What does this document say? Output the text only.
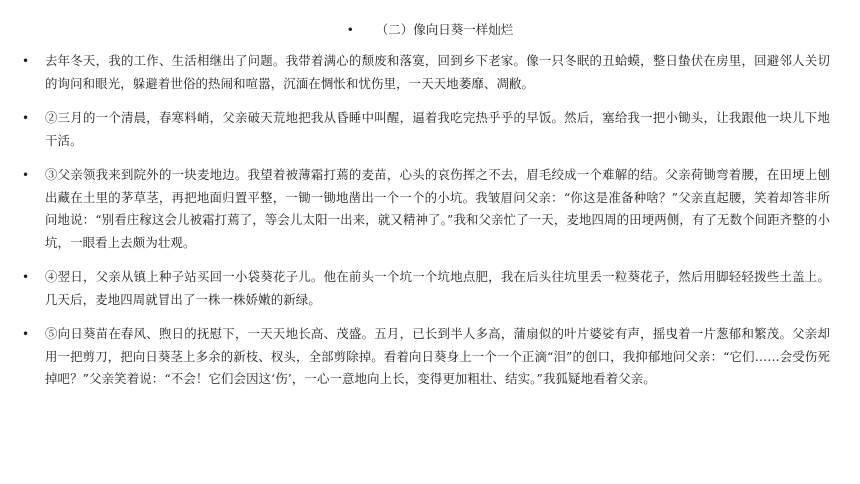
• （二）像向日葵一样灿烂
• 去年冬天，我的工作、生活相继出了问题。我带着满心的颓废和落寞，回到乡下老家。像一只冬眠的丑蛤蟆，整日蛰伏在房里，回避邻人关切的询问和眼光，躲避着世俗的热闹和喧嚣，沉湎在惆怅和忧伤里，一天天地萎靡、凋敝。
• ②三月的一个清晨，春寒料峭，父亲破天荒地把我从昏睡中叫醒，逼着我吃完热乎乎的早饭。然后，塞给我一把小锄头，让我跟他一块儿下地干活。
• ③父亲领我来到院外的一块麦地边。我望着被薄霜打蔫的麦苗，心头的哀伤挥之不去，眉毛绞成一个难解的结。父亲荷锄弯着腰，在田埂上刨出藏在土里的茅草茎，再把地面归置平整，一锄一锄地凿出一个一个的小坑。我皱眉问父亲：“你这是准备种啥？”父亲直起腰，笑着却答非所问地说：“别看庄稼这会儿被霜打蔫了，等会儿太阳一出来，就又精神了。”我和父亲忙了一天，麦地四周的田埂两侧，有了无数个间距齐整的小坑，一眼看上去颇为壮观。
• ④翌日，父亲从镇上种子站买回一小袋葵花子儿。他在前头一个坑一个坑地点肥，我在后头往坑里丢一粒葵花子，然后用脚轻轻拨些土盖上。几天后，麦地四周就冒出了一株一株娇嫩的新绿。
• ⑤向日葵苗在春风、煦日的抚慰下，一天天地长高、茂盛。五月，已长到半人多高，蒲扇似的叶片婆娑有声，摇曳着一片葱郁和繁茂。父亲却用一把剪刀，把向日葵茎上多余的新枝、杈头，全部剪除掉。看着向日葵身上一个一个正滴“泪”的创口，我抑郁地问父亲：“它们……会受伤死掉吧？”父亲笑着说：“不会！它们会因这‘伤’，一心一意地向上长，变得更加粗壮、结实。”我狐疑地看着父亲。
